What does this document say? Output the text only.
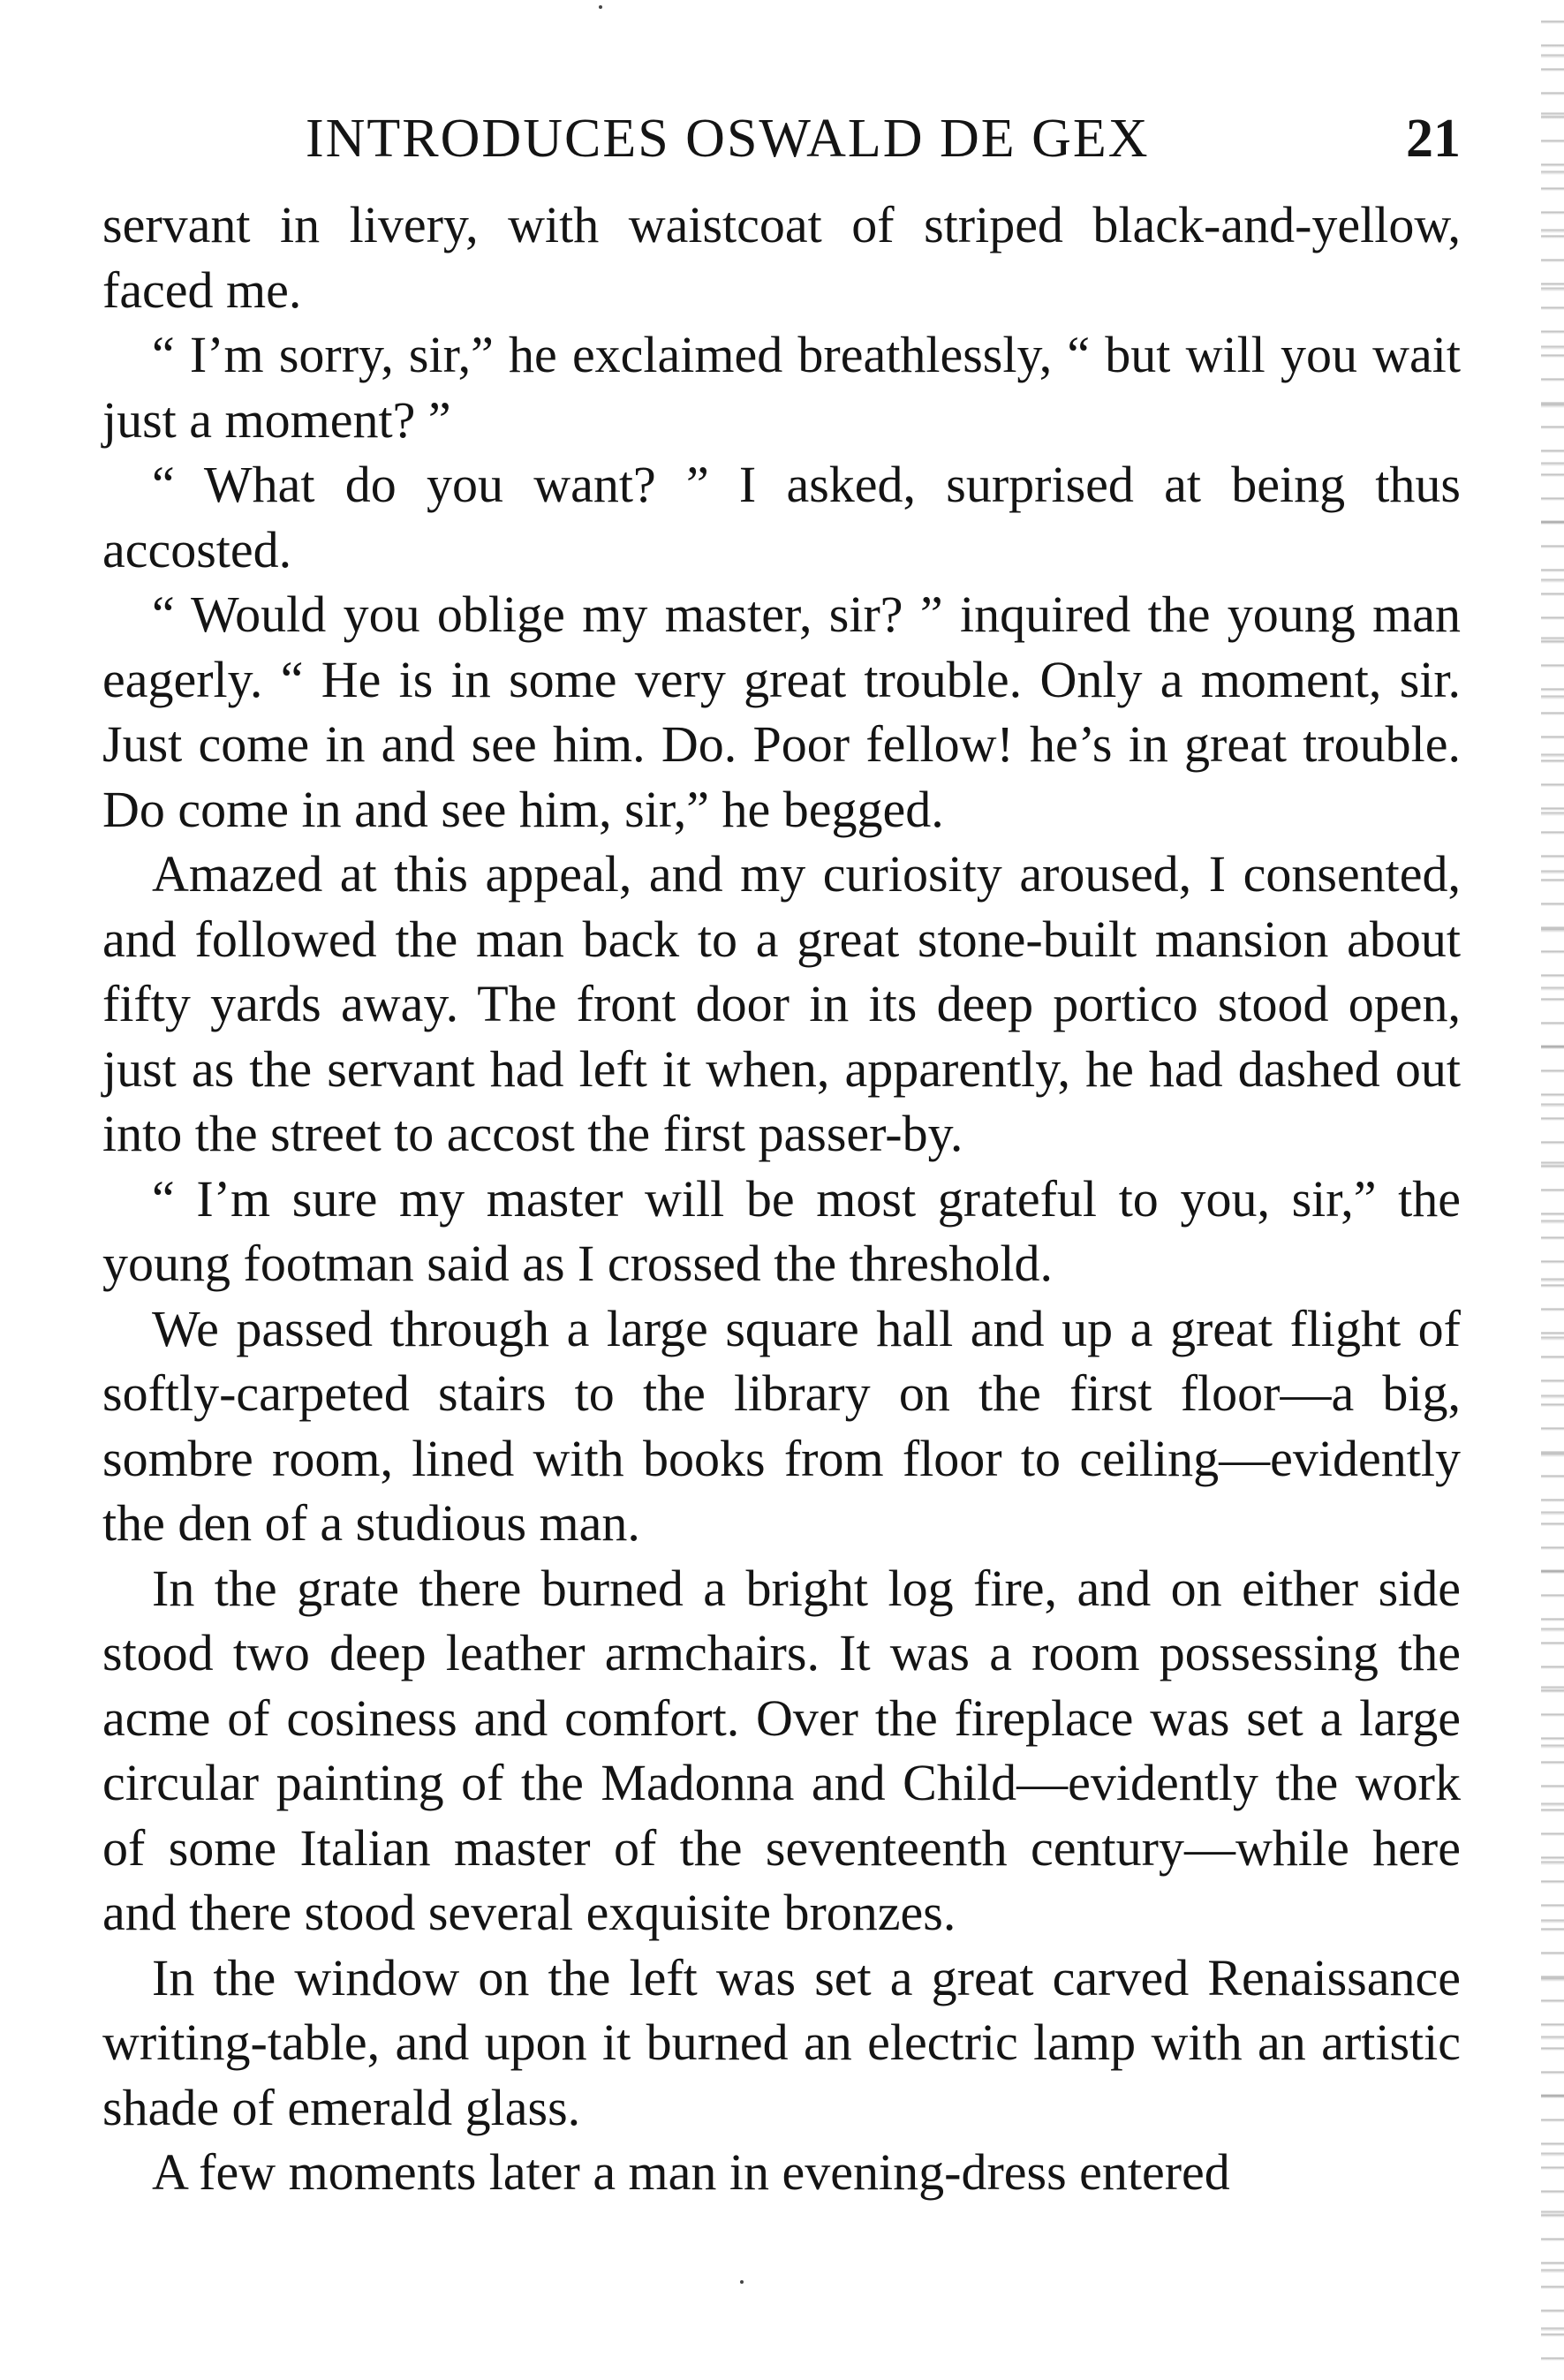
INTRODUCES OSWALD DE GEX	21

servant in livery, with waistcoat of striped black-and-yellow, faced me.

“ I’m sorry, sir,” he exclaimed breathlessly, “ but will you wait just a moment? ”

“ What do you want? ” I asked, surprised at being thus accosted.

“ Would you oblige my master, sir? ” inquired the young man eagerly. “ He is in some very great trouble. Only a moment, sir. Just come in and see him. Do. Poor fellow! he’s in great trouble. Do come in and see him, sir,” he begged.

Amazed at this appeal, and my curiosity aroused, I consented, and followed the man back to a great stone-built mansion about fifty yards away. The front door in its deep portico stood open, just as the servant had left it when, apparently, he had dashed out into the street to accost the first passer-by.

“ I’m sure my master will be most grateful to you, sir,” the young footman said as I crossed the threshold.

We passed through a large square hall and up a great flight of softly-carpeted stairs to the library on the first floor—a big, sombre room, lined with books from floor to ceiling—evidently the den of a studious man.

In the grate there burned a bright log fire, and on either side stood two deep leather armchairs. It was a room possessing the acme of cosiness and comfort. Over the fireplace was set a large circular painting of the Madonna and Child—evidently the work of some Italian master of the seventeenth century—while here and there stood several exquisite bronzes.

In the window on the left was set a great carved Renaissance writing-table, and upon it burned an electric lamp with an artistic shade of emerald glass.

A few moments later a man in evening-dress entered
